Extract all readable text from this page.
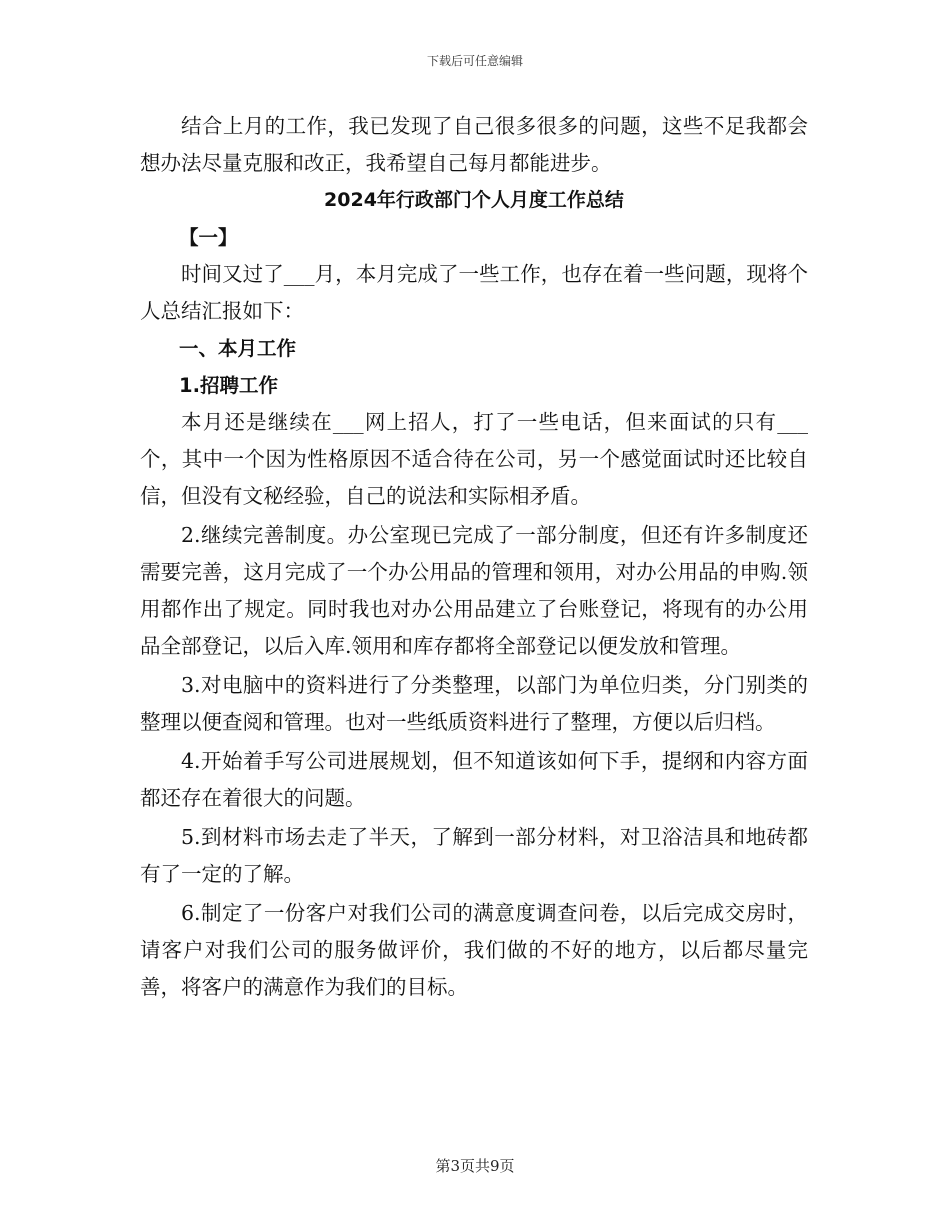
下载后可任意编辑

结合上月的工作，我已发现了自己很多很多的问题，这些不足我都会想办法尽量克服和改正，我希望自己每月都能进步。

2024年行政部门个人月度工作总结

【一】

时间又过了___月，本月完成了一些工作，也存在着一些问题，现将个人总结汇报如下：

一、本月工作

1.招聘工作

本月还是继续在___网上招人，打了一些电话，但来面试的只有___个，其中一个因为性格原因不适合待在公司，另一个感觉面试时还比较自信，但没有文秘经验，自己的说法和实际相矛盾。

2.继续完善制度。办公室现已完成了一部分制度，但还有许多制度还需要完善，这月完成了一个办公用品的管理和领用，对办公用品的申购.领用都作出了规定。同时我也对办公用品建立了台账登记，将现有的办公用品全部登记，以后入库.领用和库存都将全部登记以便发放和管理。

3.对电脑中的资料进行了分类整理，以部门为单位归类，分门别类的整理以便查阅和管理。也对一些纸质资料进行了整理，方便以后归档。

4.开始着手写公司进展规划，但不知道该如何下手，提纲和内容方面都还存在着很大的问题。

5.到材料市场去走了半天，了解到一部分材料，对卫浴洁具和地砖都有了一定的了解。

6.制定了一份客户对我们公司的满意度调查问卷，以后完成交房时，请客户对我们公司的服务做评价，我们做的不好的地方，以后都尽量完善，将客户的满意作为我们的目标。

第3页共9页
